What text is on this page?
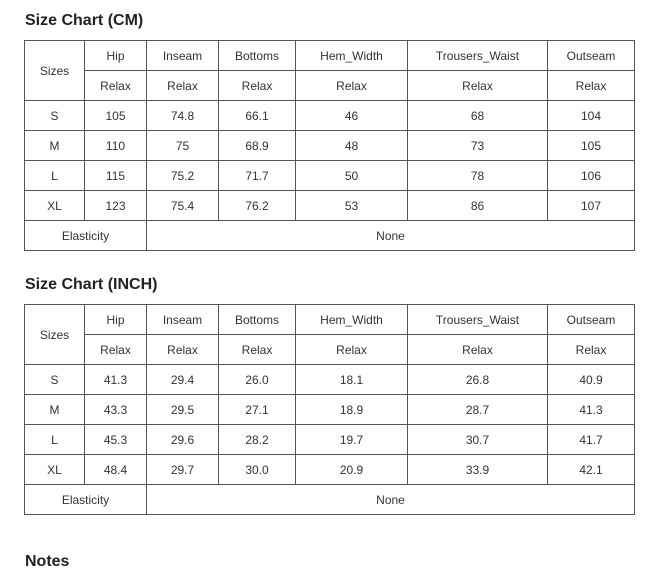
Size Chart (CM)
Sizes	Hip	Inseam	Bottoms	Hem_Width	Trousers_Waist	Outseam
	Relax	Relax	Relax	Relax	Relax	Relax
S	105	74.8	66.1	46	68	104
M	110	75	68.9	48	73	105
L	115	75.2	71.7	50	78	106
XL	123	75.4	76.2	53	86	107
Elasticity		None				
Size Chart (INCH)
Sizes	Hip	Inseam	Bottoms	Hem_Width	Trousers_Waist	Outseam
	Relax	Relax	Relax	Relax	Relax	Relax
S	41.3	29.4	26.0	18.1	26.8	40.9
M	43.3	29.5	27.1	18.9	28.7	41.3
L	45.3	29.6	28.2	19.7	30.7	41.7
XL	48.4	29.7	30.0	20.9	33.9	42.1
Elasticity		None				
Notes
